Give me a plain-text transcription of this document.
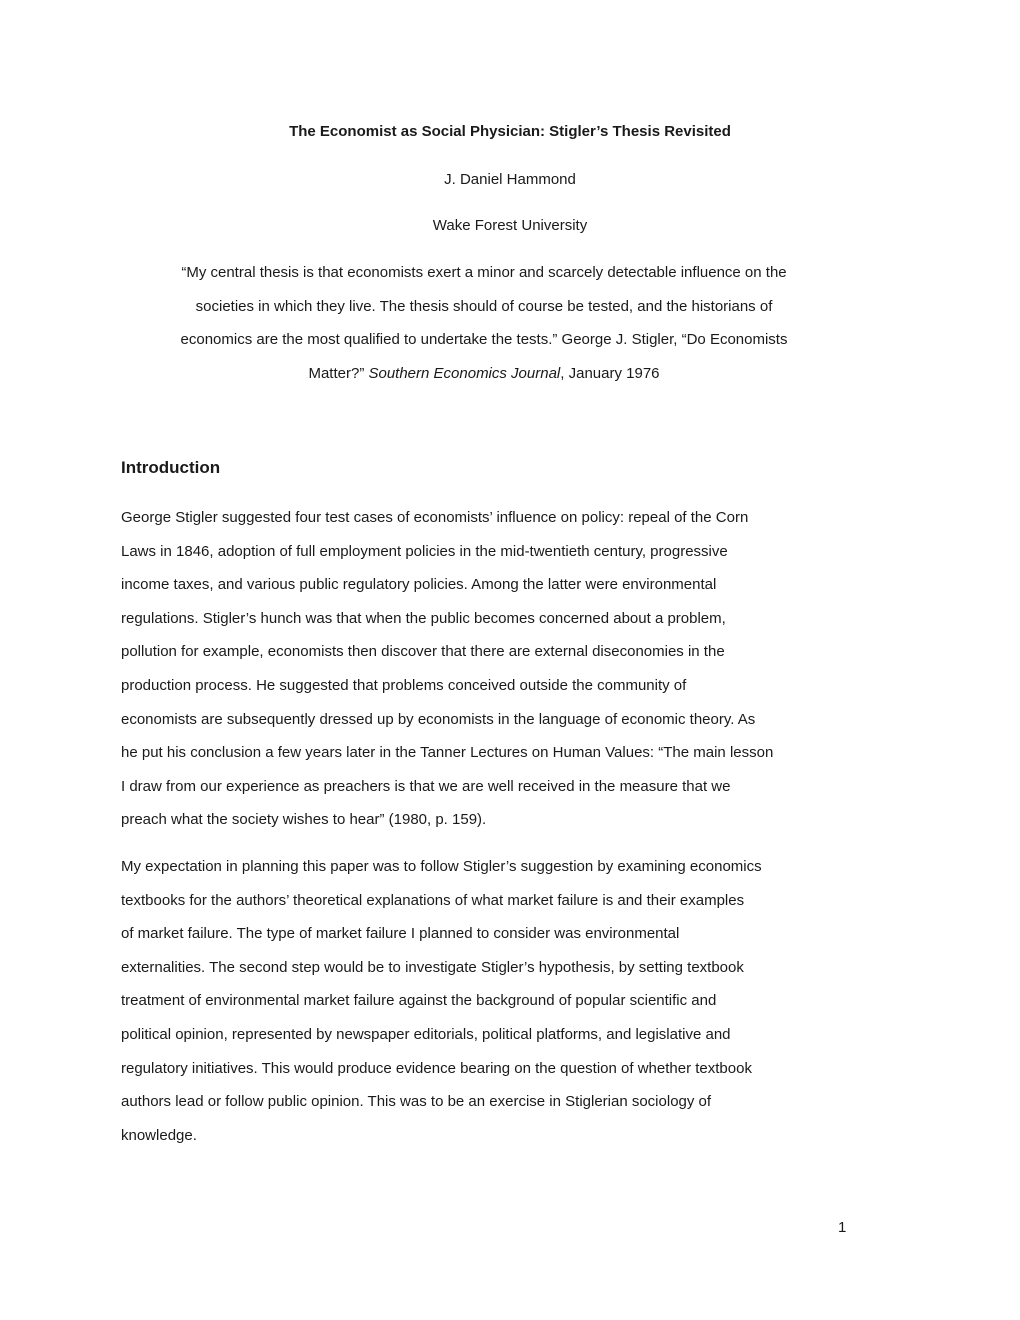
The Economist as Social Physician: Stigler’s Thesis Revisited
J. Daniel Hammond
Wake Forest University

“My central thesis is that economists exert a minor and scarcely detectable influence on the
societies in which they live. The thesis should of course be tested, and the historians of
economics are the most qualified to undertake the tests.” George J. Stigler, “Do Economists
Matter?” Southern Economics Journal, January 1976

Introduction

George Stigler suggested four test cases of economists’ influence on policy: repeal of the Corn
Laws in 1846, adoption of full employment policies in the mid-twentieth century, progressive
income taxes, and various public regulatory policies. Among the latter were environmental
regulations. Stigler’s hunch was that when the public becomes concerned about a problem,
pollution for example, economists then discover that there are external diseconomies in the
production process. He suggested that problems conceived outside the community of
economists are subsequently dressed up by economists in the language of economic theory. As
he put his conclusion a few years later in the Tanner Lectures on Human Values: “The main lesson
I draw from our experience as preachers is that we are well received in the measure that we
preach what the society wishes to hear” (1980, p. 159).

My expectation in planning this paper was to follow Stigler’s suggestion by examining economics
textbooks for the authors’ theoretical explanations of what market failure is and their examples
of market failure. The type of market failure I planned to consider was environmental
externalities. The second step would be to investigate Stigler’s hypothesis, by setting textbook
treatment of environmental market failure against the background of popular scientific and
political opinion, represented by newspaper editorials, political platforms, and legislative and
regulatory initiatives. This would produce evidence bearing on the question of whether textbook
authors lead or follow public opinion. This was to be an exercise in Stiglerian sociology of
knowledge.

1
